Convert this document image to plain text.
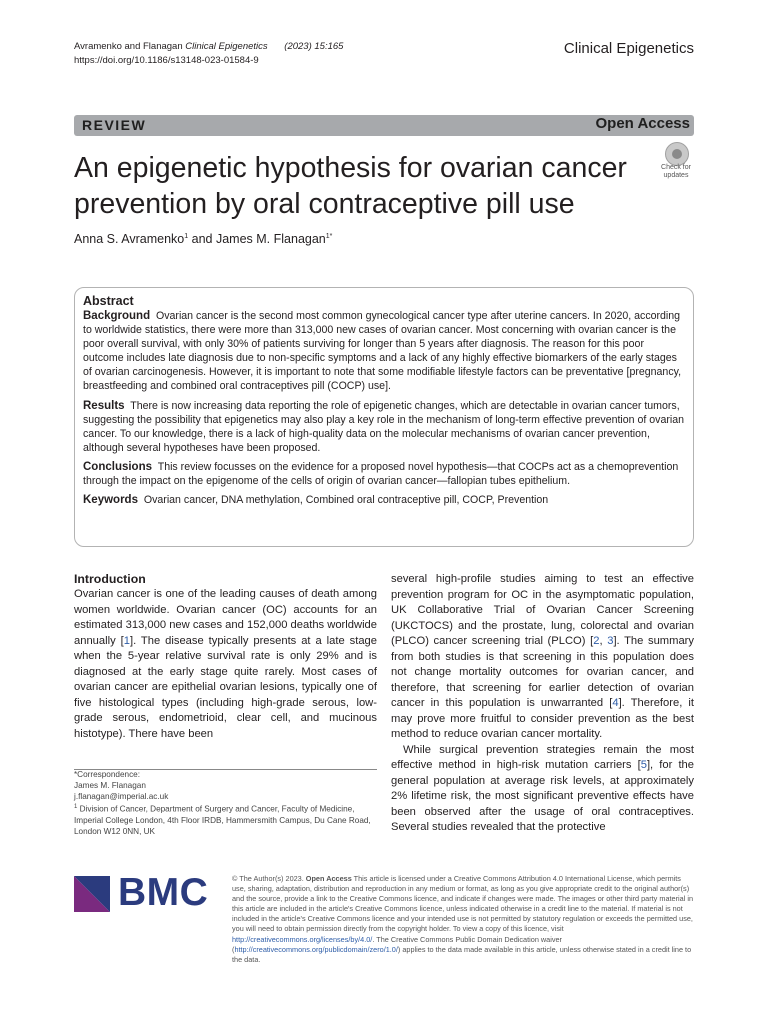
Avramenko and Flanagan Clinical Epigenetics (2023) 15:165
https://doi.org/10.1186/s13148-023-01584-9
Clinical Epigenetics
REVIEW	Open Access
An epigenetic hypothesis for ovarian cancer prevention by oral contraceptive pill use
Check for
updates
Anna S. Avramenko$^1$ and James M. Flanagan$^{1*}$
Abstract

Background Ovarian cancer is the second most common gynecological cancer type after uterine cancers. In 2020, according to worldwide statistics, there were more than 313,000 new cases of ovarian cancer. Most concerning with ovarian cancer is the poor overall survival, with only 30% of patients surviving for longer than 5 years after diagnosis. The reason for this poor outcome includes late diagnosis due to non-specific symptoms and a lack of any highly effective biomarkers of the early stages of ovarian carcinogenesis. However, it is important to note that some modifiable lifestyle factors can be preventative [pregnancy, breastfeeding and combined oral contraceptives pill (COCP) use].

Results There is now increasing data reporting the role of epigenetic changes, which are detectable in ovarian cancer tumors, suggesting the possibility that epigenetics may also play a key role in the mechanism of long-term effective prevention of ovarian cancer. To our knowledge, there is a lack of high-quality data on the molecular mechanisms of ovarian cancer prevention, although several hypotheses have been proposed.

Conclusions This review focusses on the evidence for a proposed novel hypothesis—that COCPs act as a chemoprevention through the impact on the epigenome of the cells of origin of ovarian cancer—fallopian tubes epithelium.

Keywords Ovarian cancer, DNA methylation, Combined oral contraceptive pill, COCP, Prevention

Introduction

Ovarian cancer is one of the leading causes of death among women worldwide. Ovarian cancer (OC) accounts for an estimated 313,000 new cases and 152,000 deaths worldwide annually [1]. The disease typically presents at a late stage when the 5-year relative survival rate is only 29% and is diagnosed at the early stage quite rarely. Most cases of ovarian cancer are epithelial ovarian lesions, typically one of five histological types (including high-grade serous, low-grade serous, endometrioid, clear cell, and mucinous histotype). There have been

several high-profile studies aiming to test an effective prevention program for OC in the asymptomatic population, UK Collaborative Trial of Ovarian Cancer Screening (UKCTOCS) and the prostate, lung, colorectal and ovarian (PLCO) cancer screening trial (PLCO) [2, 3]. The summary from both studies is that screening in this population does not change mortality outcomes for ovarian cancer, and therefore, that screening for earlier detection of ovarian cancer in this population is unwarranted [4]. Therefore, it may prove more fruitful to consider prevention as the best method to reduce ovarian cancer mortality.

While surgical prevention strategies remain the most effective method in high-risk mutation carriers [5], for the general population at average risk levels, at approximately 2% lifetime risk, the most significant preventive effects have been observed after the usage of oral contraceptives. Several studies revealed that the protective

*Correspondence:
James M. Flanagan
j.flanagan@imperial.ac.uk
$^1$ Division of Cancer, Department of Surgery and Cancer, Faculty of Medicine, Imperial College London, 4th Floor IRDB, Hammersmith Campus, Du Cane Road, London W12 0NN, UK
BMC	© The Author(s) 2023. Open Access This article is licensed under a Creative Commons Attribution 4.0 International License, which permits use, sharing, adaptation, distribution and reproduction in any medium or format, as long as you give appropriate credit to the original author(s) and the source, provide a link to the Creative Commons licence, and indicate if changes were made. The images or other third party material in this article are included in the article's Creative Commons licence, unless indicated otherwise in a credit line to the material. If material is not included in the article's Creative Commons licence and your intended use is not permitted by statutory regulation or exceeds the permitted use, you will need to obtain permission directly from the copyright holder. To view a copy of this licence, visit http://creativecommons.org/licenses/by/4.0/. The Creative Commons Public Domain Dedication waiver (http://creativecommons.org/publicdomain/zero/1.0/) applies to the data made available in this article, unless otherwise stated in a credit line to the data.
